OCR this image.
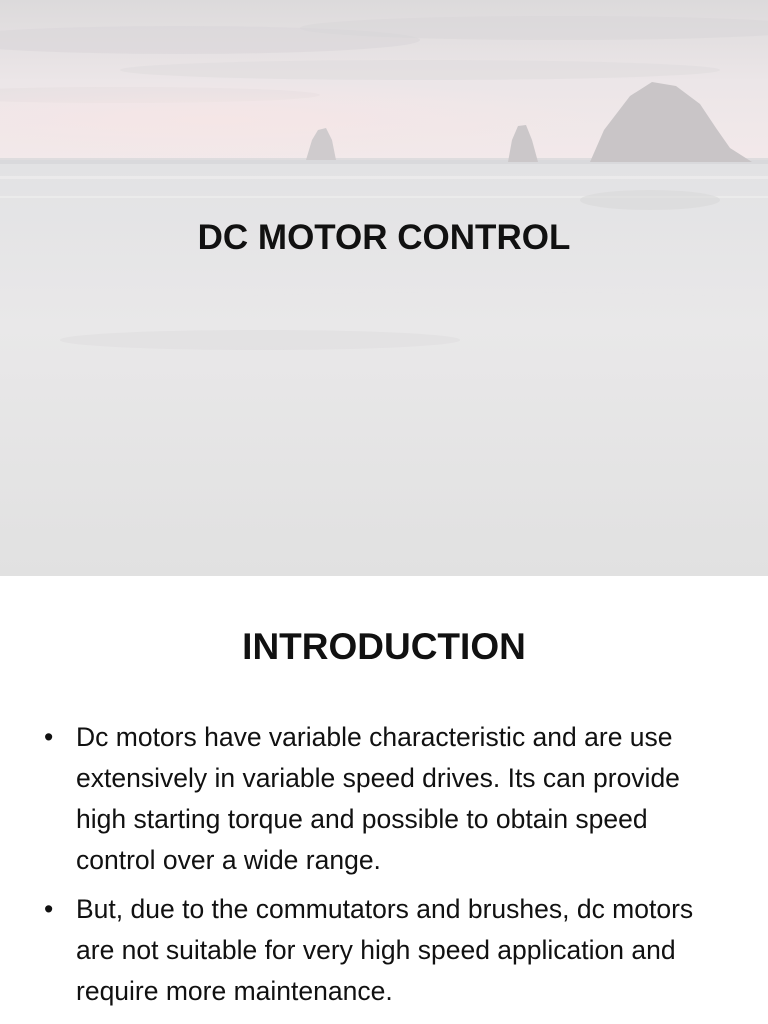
DC MOTOR CONTROL
INTRODUCTION
• Dc motors have variable characteristic and are use extensively in variable speed drives. Its can provide high starting torque and possible to obtain speed control over a wide range.
• But, due to the commutators and brushes, dc motors are not suitable for very high speed application and require more maintenance.
